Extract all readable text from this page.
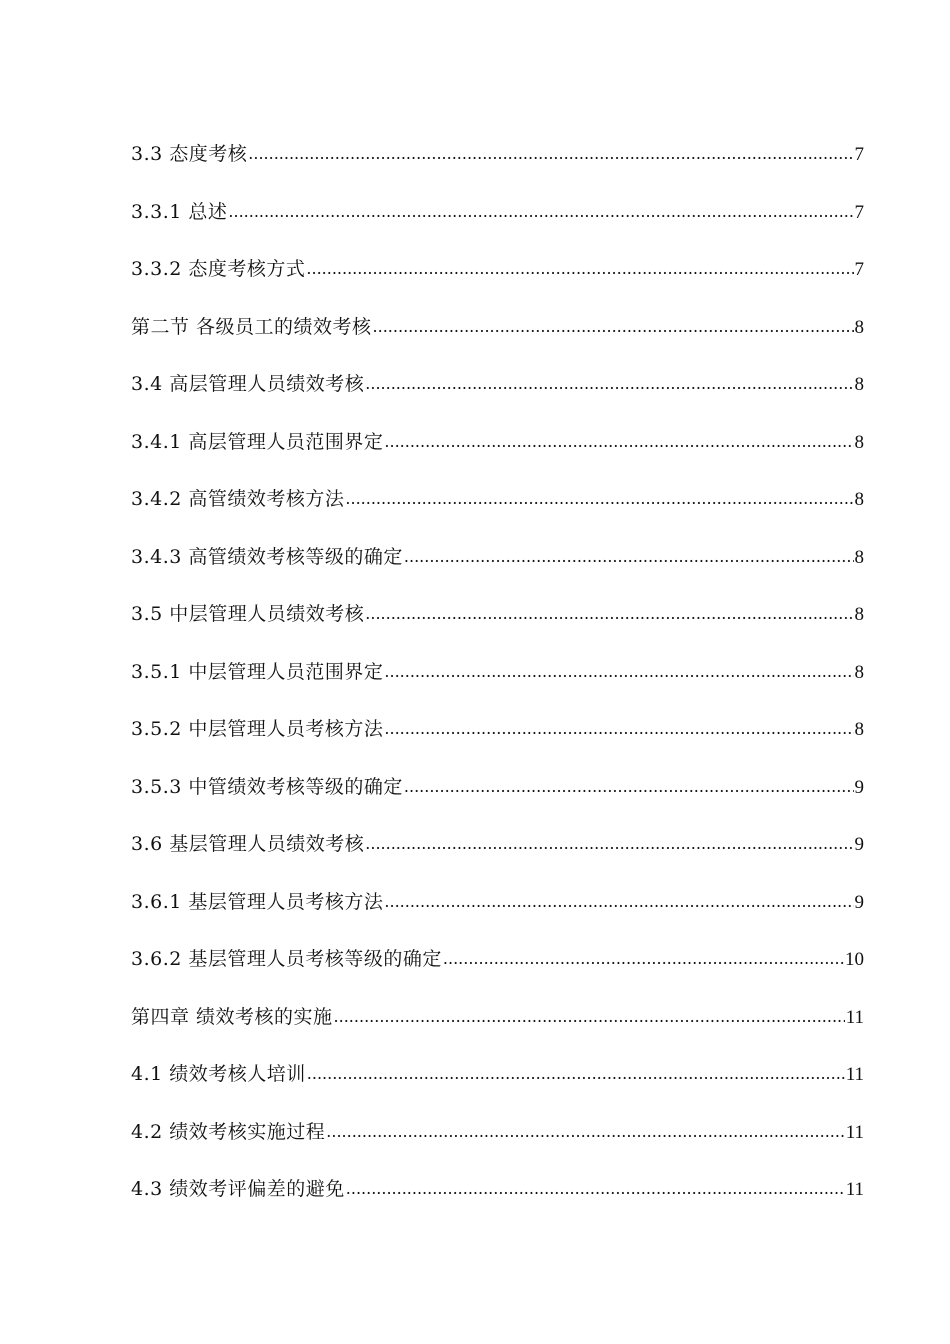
3.3 态度考核 .....	7
3.3.1 总述 .....	7
3.3.2 态度考核方式 .....	7
第二节 各级员工的绩效考核 .....	8
3.4 高层管理人员绩效考核 .....	8
3.4.1 高层管理人员范围界定 .....	8
3.4.2 高管绩效考核方法 .....	8
3.4.3 高管绩效考核等级的确定 .....	8
3.5 中层管理人员绩效考核 .....	8
3.5.1 中层管理人员范围界定 .....	8
3.5.2 中层管理人员考核方法 .....	8
3.5.3 中管绩效考核等级的确定 .....	9
3.6 基层管理人员绩效考核 .....	9
3.6.1 基层管理人员考核方法 .....	9
3.6.2 基层管理人员考核等级的确定 .....	10
第四章 绩效考核的实施 .....	11
4.1 绩效考核人培训 .....	11
4.2 绩效考核实施过程 .....	11
4.3 绩效考评偏差的避免 .....	11
